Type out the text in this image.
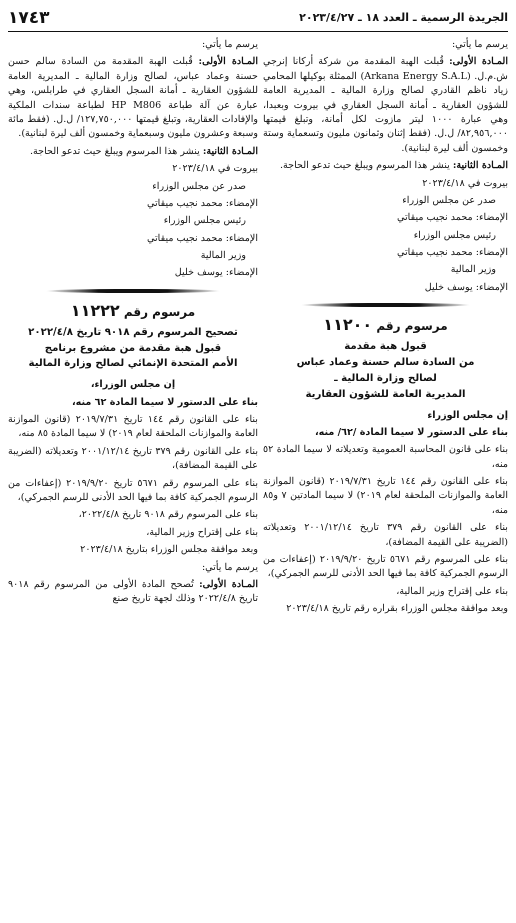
الجريدة الرسمية ـ العدد ١٨ ـ ٢٠٢٣/٤/٢٧
١٧٤٣

يرسم ما يأتي:

المـادة الأولى: قُبلت الهبة المقدمة من شركة أركانا إنرجي ش.م.ل. (Arkana Energy S.A.L) الممثلة بوكيلها المحامي زياد ناظم القادري لصالح وزارة المالية ـ المديرية العامة للشؤون العقارية ـ أمانة السجل العقاري في بيروت وبعبدا، وهي عبارة ١٠٠٠ ليتر مازوت لكل أمانة، وتبلغ قيمتها ٨٢,٩٥٦,٠٠٠/ ل.ل. (فقط إثنان وثمانون مليون وتسعماية وستة وخمسون ألف ليرة لبنانية).

المـادة الثانية: ينشر هذا المرسوم ويبلغ حيث تدعو الحاجة.

بيروت في ٢٠٢٣/٤/١٨

صدر عن مجلس الوزراء

الإمضاء: محمد نجيب ميقاتي

رئيس مجلس الوزراء

الإمضاء: محمد نجيب ميقاتي

وزير المالية

الإمضاء: يوسف خليل

مرسوم رقم ١١٢٠٠
قبول هبة مقدمة
من السادة سالم حسنة وعماد عباس
لصالح وزارة المالية ـ
المديرية العامة للشؤون العقارية

إن مجلس الوزراء

بناء على الدستور لا سيما المادة /٦٢/ منه،

بناء على قانون المحاسبة العمومية وتعديلاته لا سيما المادة ٥٢ منه،

بناء على القانون رقم ١٤٤ تاريخ ٢٠١٩/٧/٣١ (قانون الموازنة العامة والموازنات الملحقة لعام ٢٠١٩) لا سيما المادتين ٧ و٨٥ منه،

بناء على القانون رقم ٣٧٩ تاريخ ٢٠٠١/١٢/١٤ وتعديلاته (الضريبة على القيمة المضافة)،

بناء على المرسوم رقم ٥٦٧١ تاريخ ٢٠١٩/٩/٢٠ (إعفاءات من الرسوم الجمركية كافة بما فيها الحد الأدنى للرسم الجمركي)،

بناء على إقتراح وزير المالية،

وبعد موافقة مجلس الوزراء بقراره رقم تاريخ ٢٠٢٣/٤/١٨

يرسم ما يأتي:

المـادة الأولى: قُبلت الهبة المقدمة من السادة سالم حسن حسنة وعماد عباس، لصالح وزارة المالية ـ المديرية العامة للشؤون العقارية ـ أمانة السجل العقاري في طرابلس، وهي عبارة عن آلة طباعة HP M806 لطباعة سندات الملكية والإفادات العقارية، وتبلغ قيمتها ١٢٧,٧٥٠,٠٠٠/ ل.ل. (فقط مائة وسبعة وعشرون مليون وسبعماية وخمسون ألف ليرة لبنانية).

المـادة الثانية: ينشر هذا المرسوم ويبلغ حيث تدعو الحاجة.

بيروت في ٢٠٢٣/٤/١٨

صدر عن مجلس الوزراء

الإمضاء: محمد نجيب ميقاتي

رئيس مجلس الوزراء

الإمضاء: محمد نجيب ميقاتي

وزير المالية

الإمضاء: يوسف خليل

مرسوم رقم ١١٢٢٢
تصحيح المرسوم رقم ٩٠١٨ تاريخ ٢٠٢٢/٤/٨
قبول هبة مقدمة من مشروع برنامج
الأمم المتحدة الإنمائي لصالح وزارة المالية

إن مجلس الوزراء،

بناء على الدستور لا سيما المادة ٦٢ منه،

بناء على القانون رقم ١٤٤ تاريخ ٢٠١٩/٧/٣١ (قانون الموازنة العامة والموازنات الملحقة لعام ٢٠١٩) لا سيما المادة ٨٥ منه،

بناء على القانون رقم ٣٧٩ تاريخ ٢٠٠١/١٢/١٤ وتعديلاته (الضريبة على القيمة المضافة)،

بناء على المرسوم رقم ٥٦٧١ تاريخ ٢٠١٩/٩/٢٠ (إعفاءات من الرسوم الجمركية كافة بما فيها الحد الأدنى للرسم الجمركي)،

بناء على المرسوم رقم ٩٠١٨ تاريخ ٢٠٢٢/٤/٨،

بناء على إقتراح وزير المالية،

وبعد موافقة مجلس الوزراء بتاريخ ٢٠٢٣/٤/١٨

يرسم ما يأتي:

المـادة الأولى: تُصحح المادة الأولى من المرسوم رقم ٩٠١٨ تاريخ ٢٠٢٢/٤/٨ وذلك لجهة تاريخ صنع
